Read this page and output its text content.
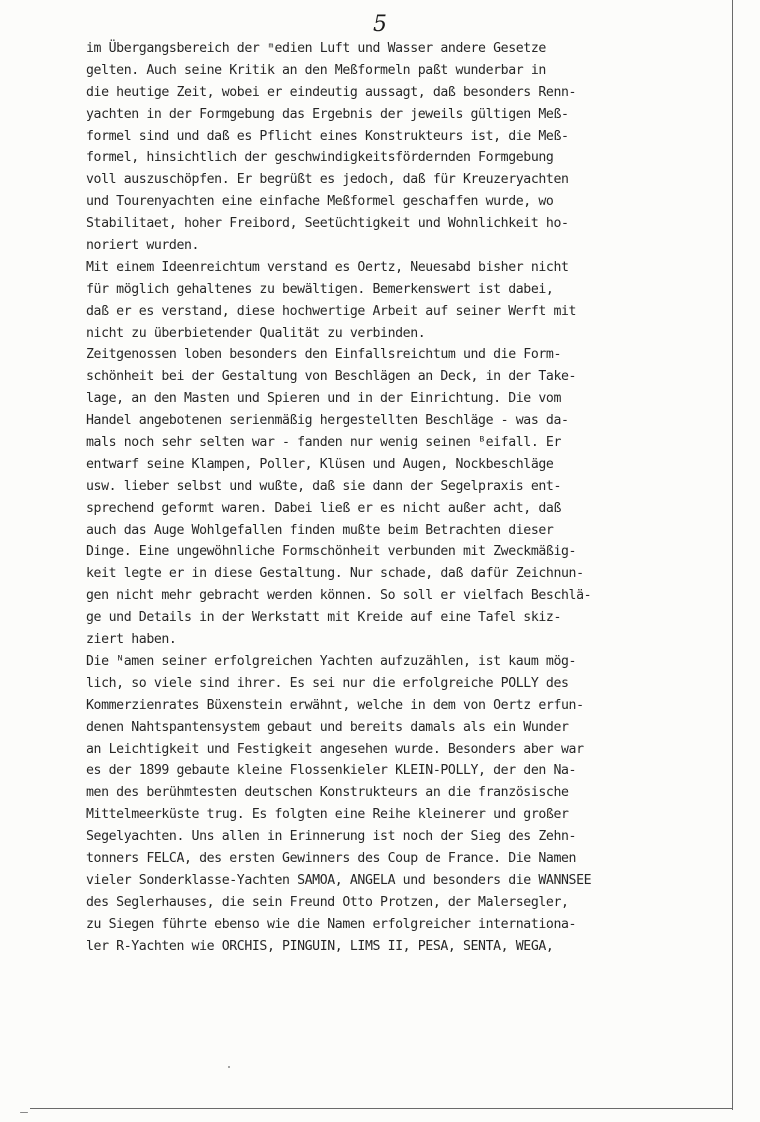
5
im Übergangsbereich der ᵐedien Luft und Wasser andere Gesetze
gelten. Auch seine Kritik an den Meßformeln paßt wunderbar in
die heutige Zeit, wobei er eindeutig aussagt, daß besonders Renn-
yachten in der Formgebung das Ergebnis der jeweils gültigen Meß-
formel sind und daß es Pflicht eines Konstrukteurs ist, die Meß-
formel, hinsichtlich der geschwindigkeitsfördernden Formgebung
voll auszuschöpfen. Er begrüßt es jedoch, daß für Kreuzeryachten
und Tourenyachten eine einfache Meßformel geschaffen wurde, wo
Stabilitaet, hoher Freibord, Seetüchtigkeit und Wohnlichkeit ho-
noriert wurden.
Mit einem Ideenreichtum verstand es Oertz, Neuesabd bisher nicht
für möglich gehaltenes zu bewältigen. Bemerkenswert ist dabei,
daß er es verstand, diese hochwertige Arbeit auf seiner Werft mit
nicht zu überbietender Qualität zu verbinden.
Zeitgenossen loben besonders den Einfallsreichtum und die Form-
schönheit bei der Gestaltung von Beschlägen an Deck, in der Take-
lage, an den Masten und Spieren und in der Einrichtung. Die vom
Handel angebotenen serienmäßig hergestellten Beschläge - was da-
mals noch sehr selten war - fanden nur wenig seinen ᴮeifall. Er
entwarf seine Klampen, Poller, Klüsen und Augen, Nockbeschläge
usw. lieber selbst und wußte, daß sie dann der Segelpraxis ent-
sprechend geformt waren. Dabei ließ er es nicht außer acht, daß
auch das Auge Wohlgefallen finden mußte beim Betrachten dieser
Dinge. Eine ungewöhnliche Formschönheit verbunden mit Zweckmäßig-
keit legte er in diese Gestaltung. Nur schade, daß dafür Zeichnun-
gen nicht mehr gebracht werden können. So soll er vielfach Beschlä-
ge und Details in der Werkstatt mit Kreide auf eine Tafel skiz-
ziert haben.
Die ᴺamen seiner erfolgreichen Yachten aufzuzählen, ist kaum mög-
lich, so viele sind ihrer. Es sei nur die erfolgreiche POLLY des
Kommerzienrates Büxenstein erwähnt, welche in dem von Oertz erfun-
denen Nahtspantensystem gebaut und bereits damals als ein Wunder
an Leichtigkeit und Festigkeit angesehen wurde. Besonders aber war
es der 1899 gebaute kleine Flossenkieler KLEIN-POLLY, der den Na-
men des berühmtesten deutschen Konstrukteurs an die französische
Mittelmeerküste trug. Es folgten eine Reihe kleinerer und großer
Segelyachten. Uns allen in Erinnerung ist noch der Sieg des Zehn-
tonners FELCA, des ersten Gewinners des Coup de France. Die Namen
vieler Sonderklasse-Yachten SAMOA, ANGELA und besonders die WANNSEE
des Seglerhauses, die sein Freund Otto Protzen, der Malersegler,
zu Siegen führte ebenso wie die Namen erfolgreicher internationa-
ler R-Yachten wie ORCHIS, PINGUIN, LIMS II, PESA, SENTA, WEGA,
